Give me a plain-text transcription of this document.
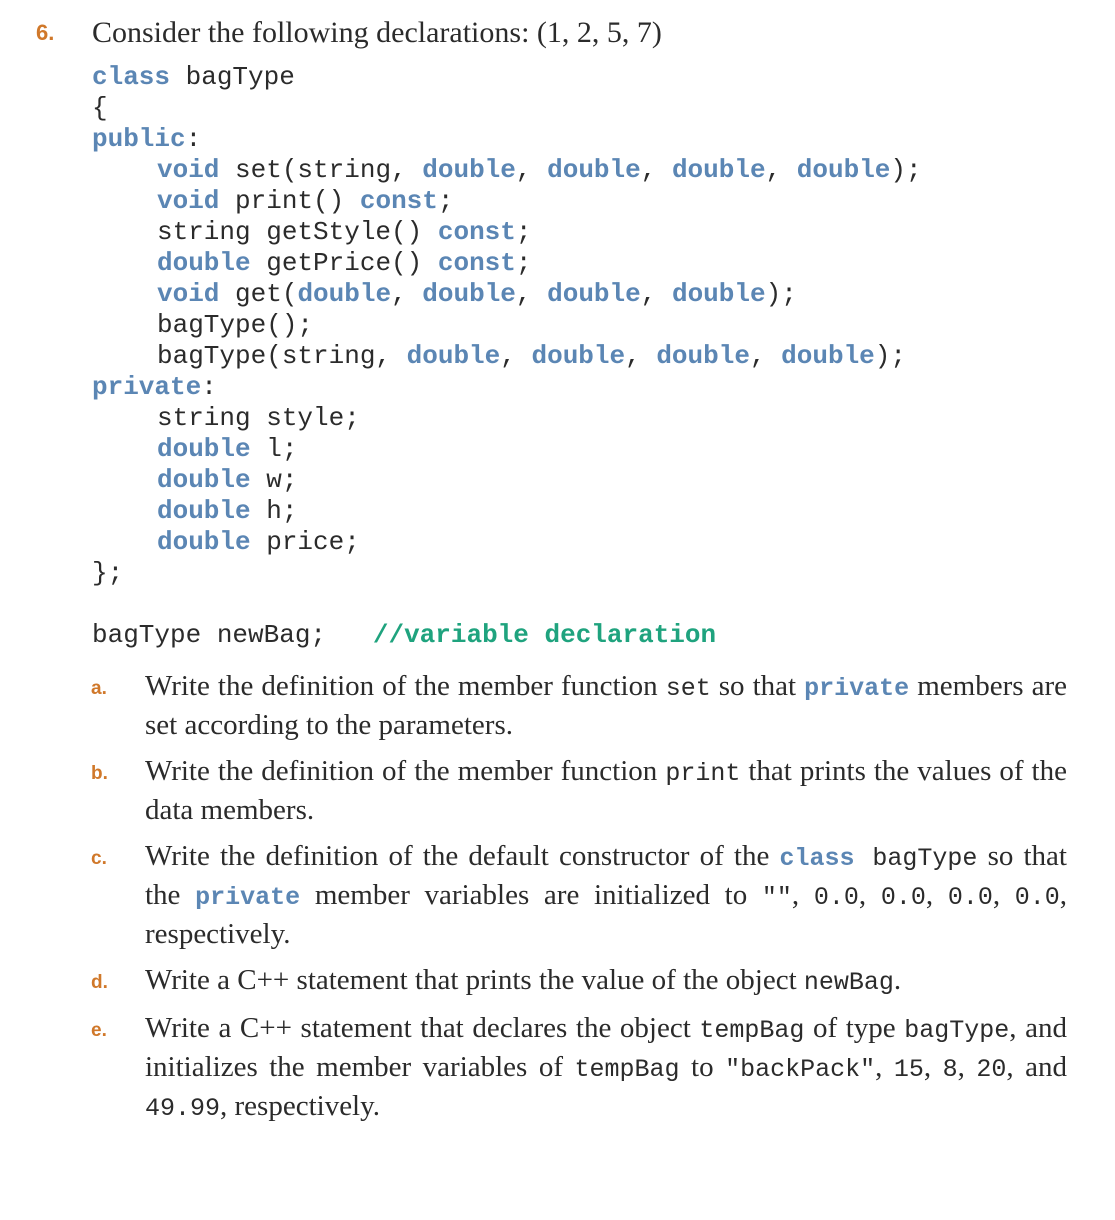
6. Consider the following declarations: (1, 2, 5, 7)
class bagType
{
public:
void set(string, double, double, double, double);
void print() const;
string getStyle() const;
double getPrice() const;
void get(double, double, double, double);
bagType();
bagType(string, double, double, double, double);
private:
string style;
double l;
double w;
double h;
double price;
};
bagType newBag;   //variable declaration
a. Write the definition of the member function set so that private members are set according to the parameters.
b. Write the definition of the member function print that prints the values of the data members.
c. Write the definition of the default constructor of the class bagType so that the private member variables are initialized to "", 0.0, 0.0, 0.0, 0.0, respectively.
d. Write a C++ statement that prints the value of the object newBag.
e. Write a C++ statement that declares the object tempBag of type bagType, and initializes the member variables of tempBag to "backPack", 15, 8, 20, and 49.99, respectively.
